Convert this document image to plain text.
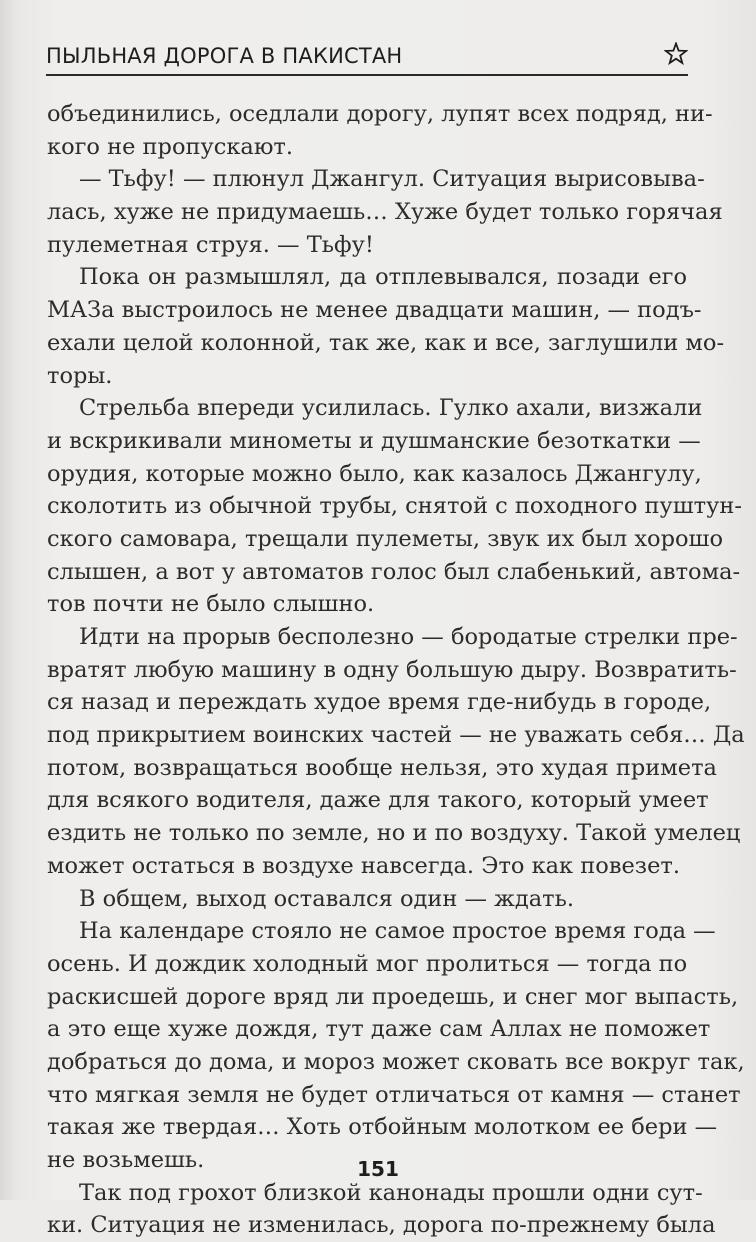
ПЫЛЬНАЯ ДОРОГА В ПАКИСТАН
объединились, оседлали дорогу, лупят всех подряд, ни-
кого не пропускают.
— Тьфу! — плюнул Джангул. Ситуация вырисовыва-
лась, хуже не придумаешь… Хуже будет только горячая
пулеметная струя. — Тьфу!
Пока он размышлял, да отплевывался, позади его
МАЗа выстроилось не менее двадцати машин, — подъ-
ехали целой колонной, так же, как и все, заглушили мо-
торы.
Стрельба впереди усилилась. Гулко ахали, визжали
и вскрикивали минометы и душманские безоткатки —
орудия, которые можно было, как казалось Джангулу,
сколотить из обычной трубы, снятой с походного пуштун-
ского самовара, трещали пулеметы, звук их был хорошо
слышен, а вот у автоматов голос был слабенький, автома-
тов почти не было слышно.
Идти на прорыв бесполезно — бородатые стрелки пре-
вратят любую машину в одну большую дыру. Возвратить-
ся назад и переждать худое время где-нибудь в городе,
под прикрытием воинских частей — не уважать себя… Да
потом, возвращаться вообще нельзя, это худая примета
для всякого водителя, даже для такого, который умеет
ездить не только по земле, но и по воздуху. Такой умелец
может остаться в воздухе навсегда. Это как повезет.
В общем, выход оставался один — ждать.
На календаре стояло не самое простое время года —
осень. И дождик холодный мог пролиться — тогда по
раскисшей дороге вряд ли проедешь, и снег мог выпасть,
а это еще хуже дождя, тут даже сам Аллах не поможет
добраться до дома, и мороз может сковать все вокруг так,
что мягкая земля не будет отличаться от камня — станет
такая же твердая… Хоть отбойным молотком ее бери —
не возьмешь.
Так под грохот близкой канонады прошли одни сут-
ки. Ситуация не изменилась, дорога по-прежнему была
151
